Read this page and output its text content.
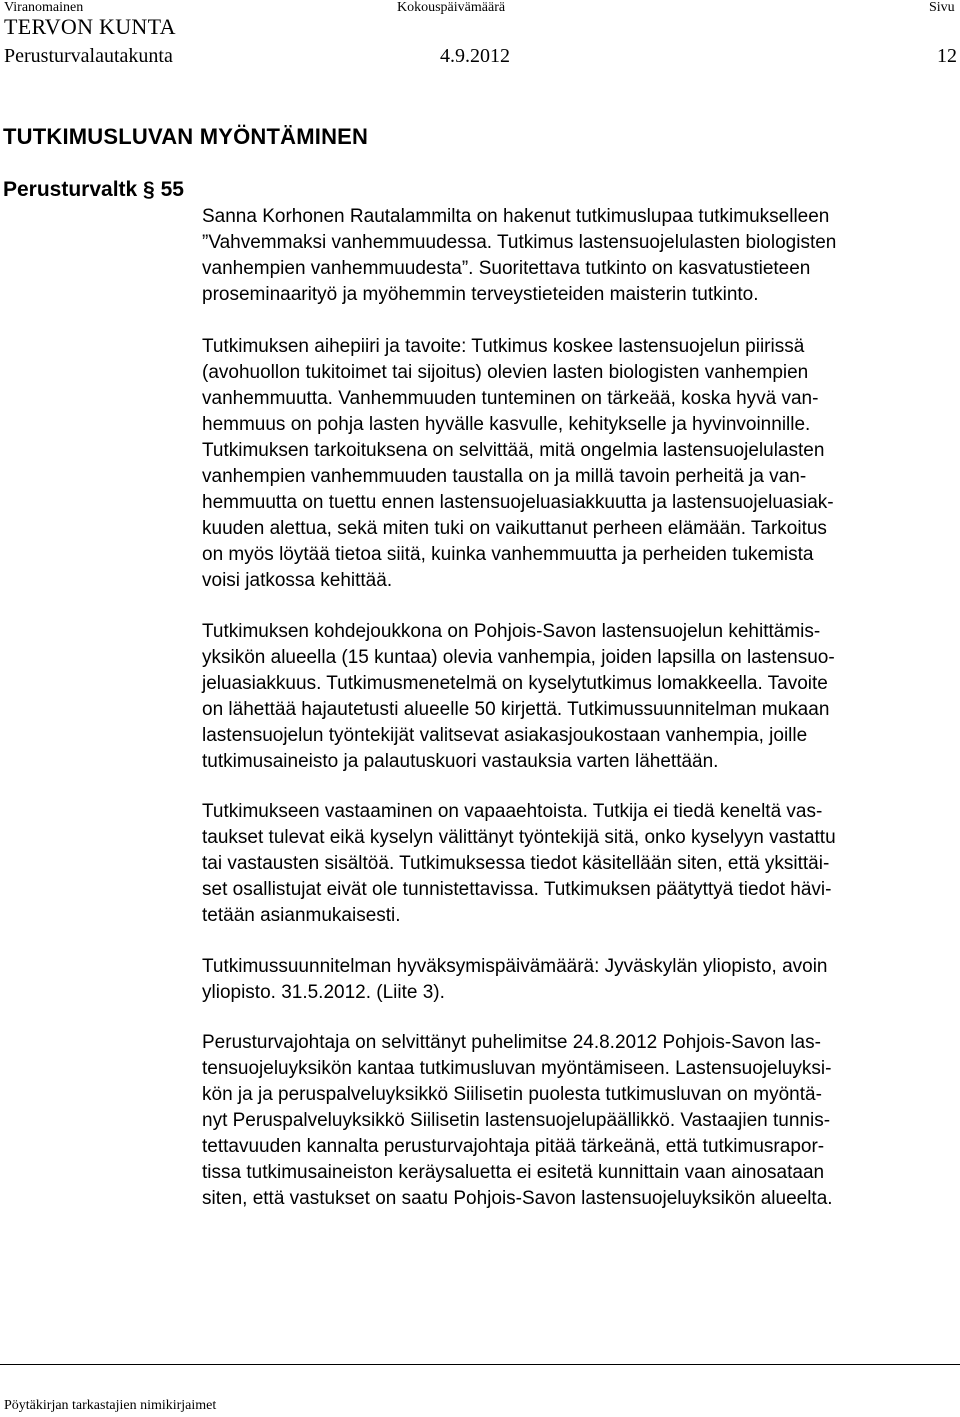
Viranomainen	Kokouspäivämäärä	Sivu
TERVON KUNTA
Perusturvalautakunta	4.9.2012	12
TUTKIMUSLUVAN MYÖNTÄMINEN
Perusturvaltk § 55
Sanna Korhonen Rautalammilta on hakenut tutkimuslupaa tutkimukselleen
”Vahvemmaksi vanhemmuudessa. Tutkimus lastensuojelulasten biologisten
vanhempien vanhemmuudesta”. Suoritettava tutkinto on kasvatustieteen
proseminaarityö ja myöhemmin terveystieteiden maisterin tutkinto.
Tutkimuksen aihepiiri ja tavoite: Tutkimus koskee lastensuojelun piirissä
(avohuollon tukitoimet tai sijoitus) olevien lasten biologisten vanhempien
vanhemmuutta. Vanhemmuuden tunteminen on tärkeää, koska hyvä van-
hemmuus on pohja lasten hyvälle kasvulle, kehitykselle ja hyvinvoinnille.
Tutkimuksen tarkoituksena on selvittää, mitä ongelmia lastensuojelulasten
vanhempien vanhemmuuden taustalla on ja millä tavoin perheitä ja van-
hemmuutta on tuettu ennen lastensuojeluasiakkuutta ja lastensuojeluasiak-
kuuden alettua, sekä miten tuki on vaikuttanut perheen elämään. Tarkoitus
on myös löytää tietoa siitä, kuinka vanhemmuutta ja perheiden tukemista
voisi jatkossa kehittää.
Tutkimuksen kohdejoukkona on Pohjois-Savon lastensuojelun kehittämis-
yksikön alueella (15 kuntaa) olevia vanhempia, joiden lapsilla on lastensuo-
jeluasiakkuus. Tutkimusmenetelmä on kyselytutkimus lomakkeella. Tavoite
on lähettää hajautetusti alueelle 50 kirjettä. Tutkimussuunnitelman mukaan
lastensuojelun työntekijät valitsevat asiakasjoukostaan vanhempia, joille
tutkimusaineisto ja palautuskuori vastauksia varten lähettään.
Tutkimukseen vastaaminen on vapaaehtoista. Tutkija ei tiedä keneltä vas-
taukset tulevat eikä kyselyn välittänyt työntekijä sitä, onko kyselyyn vastattu
tai vastausten sisältöä. Tutkimuksessa tiedot käsitellään siten, että yksittäi-
set osallistujat eivät ole tunnistettavissa. Tutkimuksen päätyttyä tiedot hävi-
tetään asianmukaisesti.
Tutkimussuunnitelman hyväksymispäivämäärä: Jyväskylän yliopisto, avoin
yliopisto. 31.5.2012. (Liite 3).
Perusturvajohtaja on selvittänyt puhelimitse 24.8.2012 Pohjois-Savon las-
tensuojeluyksikön kantaa tutkimusluvan myöntämiseen. Lastensuojeluyksi-
kön ja ja peruspalveluyksikkö Siilisetin puolesta tutkimusluvan on myöntä-
nyt Peruspalveluyksikkö Siilisetin lastensuojelupäällikkö. Vastaajien tunnis-
tettavuuden kannalta perusturvajohtaja pitää tärkeänä, että tutkimusrapor-
tissa tutkimusaineiston keräysaluetta ei esitetä kunnittain vaan ainosataan
siten, että vastukset on saatu Pohjois-Savon lastensuojeluyksikön alueelta.
Pöytäkirjan tarkastajien nimikirjaimet
